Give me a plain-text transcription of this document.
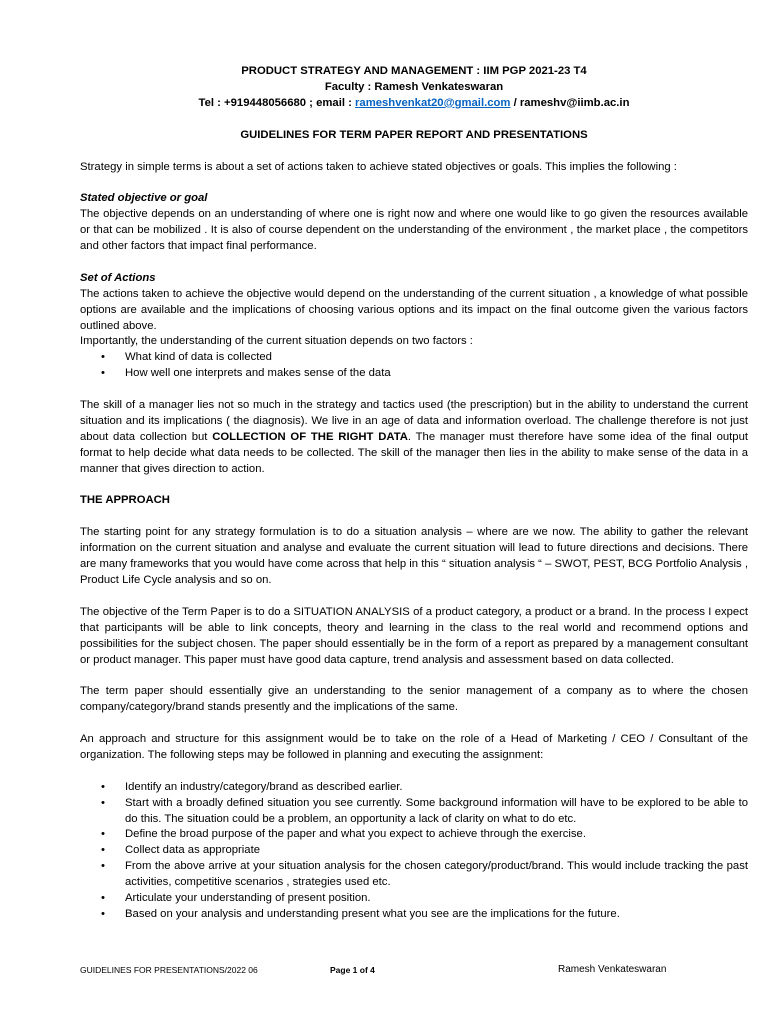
PRODUCT STRATEGY AND MANAGEMENT : IIM PGP 2021-23 T4
Faculty : Ramesh Venkateswaran
Tel : +919448056680 ; email : rameshvenkat20@gmail.com / rameshv@iimb.ac.in
GUIDELINES FOR TERM PAPER REPORT AND PRESENTATIONS

Strategy in simple terms is about a set of actions taken to achieve stated objectives or goals. This implies the following :

Stated objective or goal

The objective depends on an understanding of where one is right now and where one would like to go given the resources available or that can be mobilized . It is also of course dependent on the understanding of the environment , the market place , the competitors and other factors that impact final performance.

Set of Actions

The actions taken to achieve the objective would depend on the understanding of the current situation , a knowledge of what possible options are available and the implications of choosing various options and its impact on the final outcome given the various factors outlined above.

Importantly, the understanding of the current situation depends on two factors :

• What kind of data is collected
• How well one interprets and makes sense of the data

The skill of a manager lies not so much in the strategy and tactics used (the prescription) but in the ability to understand the current situation and its implications ( the diagnosis). We live in an age of data and information overload. The challenge therefore is not just about data collection but COLLECTION OF THE RIGHT DATA. The manager must therefore have some idea of the final output format to help decide what data needs to be collected. The skill of the manager then lies in the ability to make sense of the data in a manner that gives direction to action.

THE APPROACH

The starting point for any strategy formulation is to do a situation analysis – where are we now. The ability to gather the relevant information on the current situation and analyse and evaluate the current situation will lead to future directions and decisions. There are many frameworks that you would have come across that help in this “ situation analysis “ – SWOT, PEST, BCG Portfolio Analysis , Product Life Cycle analysis and so on.

The objective of the Term Paper is to do a SITUATION ANALYSIS of a product category, a product or a brand. In the process I expect that participants will be able to link concepts, theory and learning in the class to the real world and recommend options and possibilities for the subject chosen. The paper should essentially be in the form of a report as prepared by a management consultant or product manager. This paper must have good data capture, trend analysis and assessment based on data collected.

The term paper should essentially give an understanding to the senior management of a company as to where the chosen company/category/brand stands presently and the implications of the same.

An approach and structure for this assignment would be to take on the role of a Head of Marketing / CEO / Consultant of the organization. The following steps may be followed in planning and executing the assignment:

• Identify an industry/category/brand as described earlier.
• Start with a broadly defined situation you see currently. Some background information will have to be explored to be able to do this. The situation could be a problem, an opportunity a lack of clarity on what to do etc.
• Define the broad purpose of the paper and what you expect to achieve through the exercise.
• Collect data as appropriate
• From the above arrive at your situation analysis for the chosen category/product/brand. This would include tracking the past activities, competitive scenarios , strategies used etc.
• Articulate your understanding of present position.
• Based on your analysis and understanding present what you see are the implications for the future.
GUIDELINES FOR PRESENTATIONS/2022 06	Page 1 of 4	Ramesh Venkateswaran
